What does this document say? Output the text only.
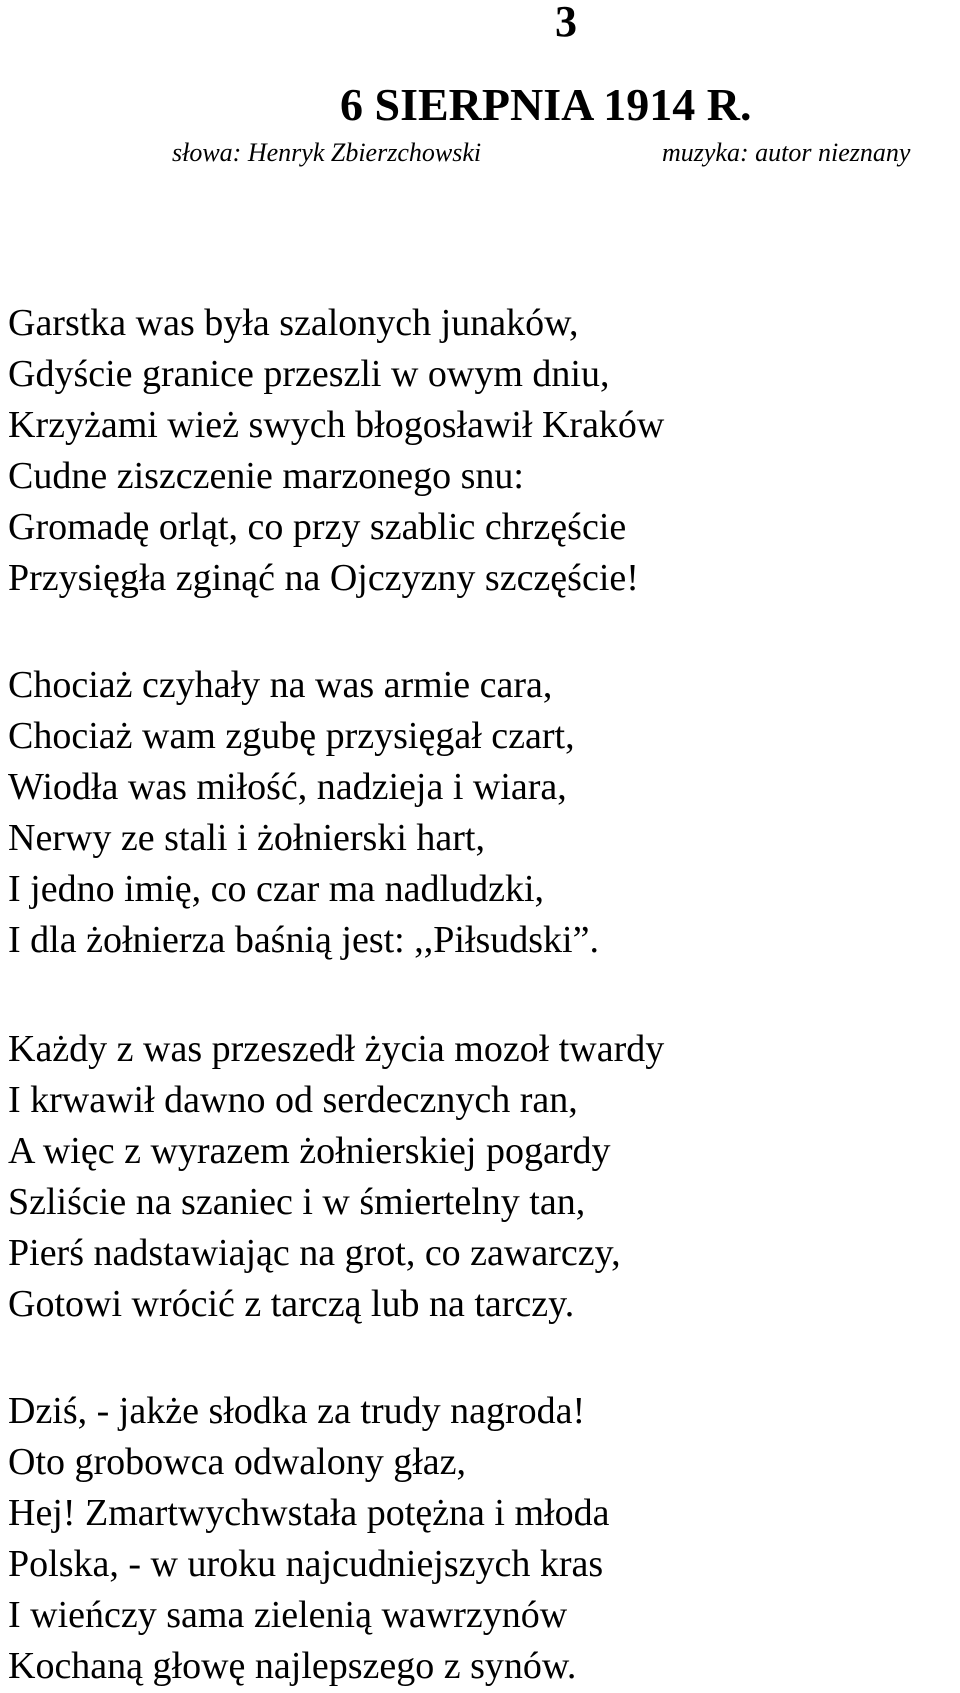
3
6 SIERPNIA 1914 R.
słowa: Henryk Zbierzchowski	muzyka: autor nieznany
Garstka was była szalonych junaków,
Gdyście granice przeszli w owym dniu,
Krzyżami wież swych błogosławił Kraków
Cudne ziszczenie marzonego snu:
Gromadę orląt, co przy szablic chrzęście
Przysięgła zginąć na Ojczyzny szczęście!
Chociaż czyhały na was armie cara,
Chociaż wam zgubę przysięgał czart,
Wiodła was miłość, nadzieja i wiara,
Nerwy ze stali i żołnierski hart,
I jedno imię, co czar ma nadludzki,
I dla żołnierza baśnią jest: ,,Piłsudski”.
Każdy z was przeszedł życia mozoł twardy
I krwawił dawno od serdecznych ran,
A więc z wyrazem żołnierskiej pogardy
Szliście na szaniec i w śmiertelny tan,
Pierś nadstawiając na grot, co zawarczy,
Gotowi wrócić z tarczą lub na tarczy.
Dziś, - jakże słodka za trudy nagroda!
Oto grobowca odwalony głaz,
Hej! Zmartwychwstała potężna i młoda
Polska, - w uroku najcudniejszych kras
I wieńczy sama zielenią wawrzynów
Kochaną głowę najlepszego z synów.
